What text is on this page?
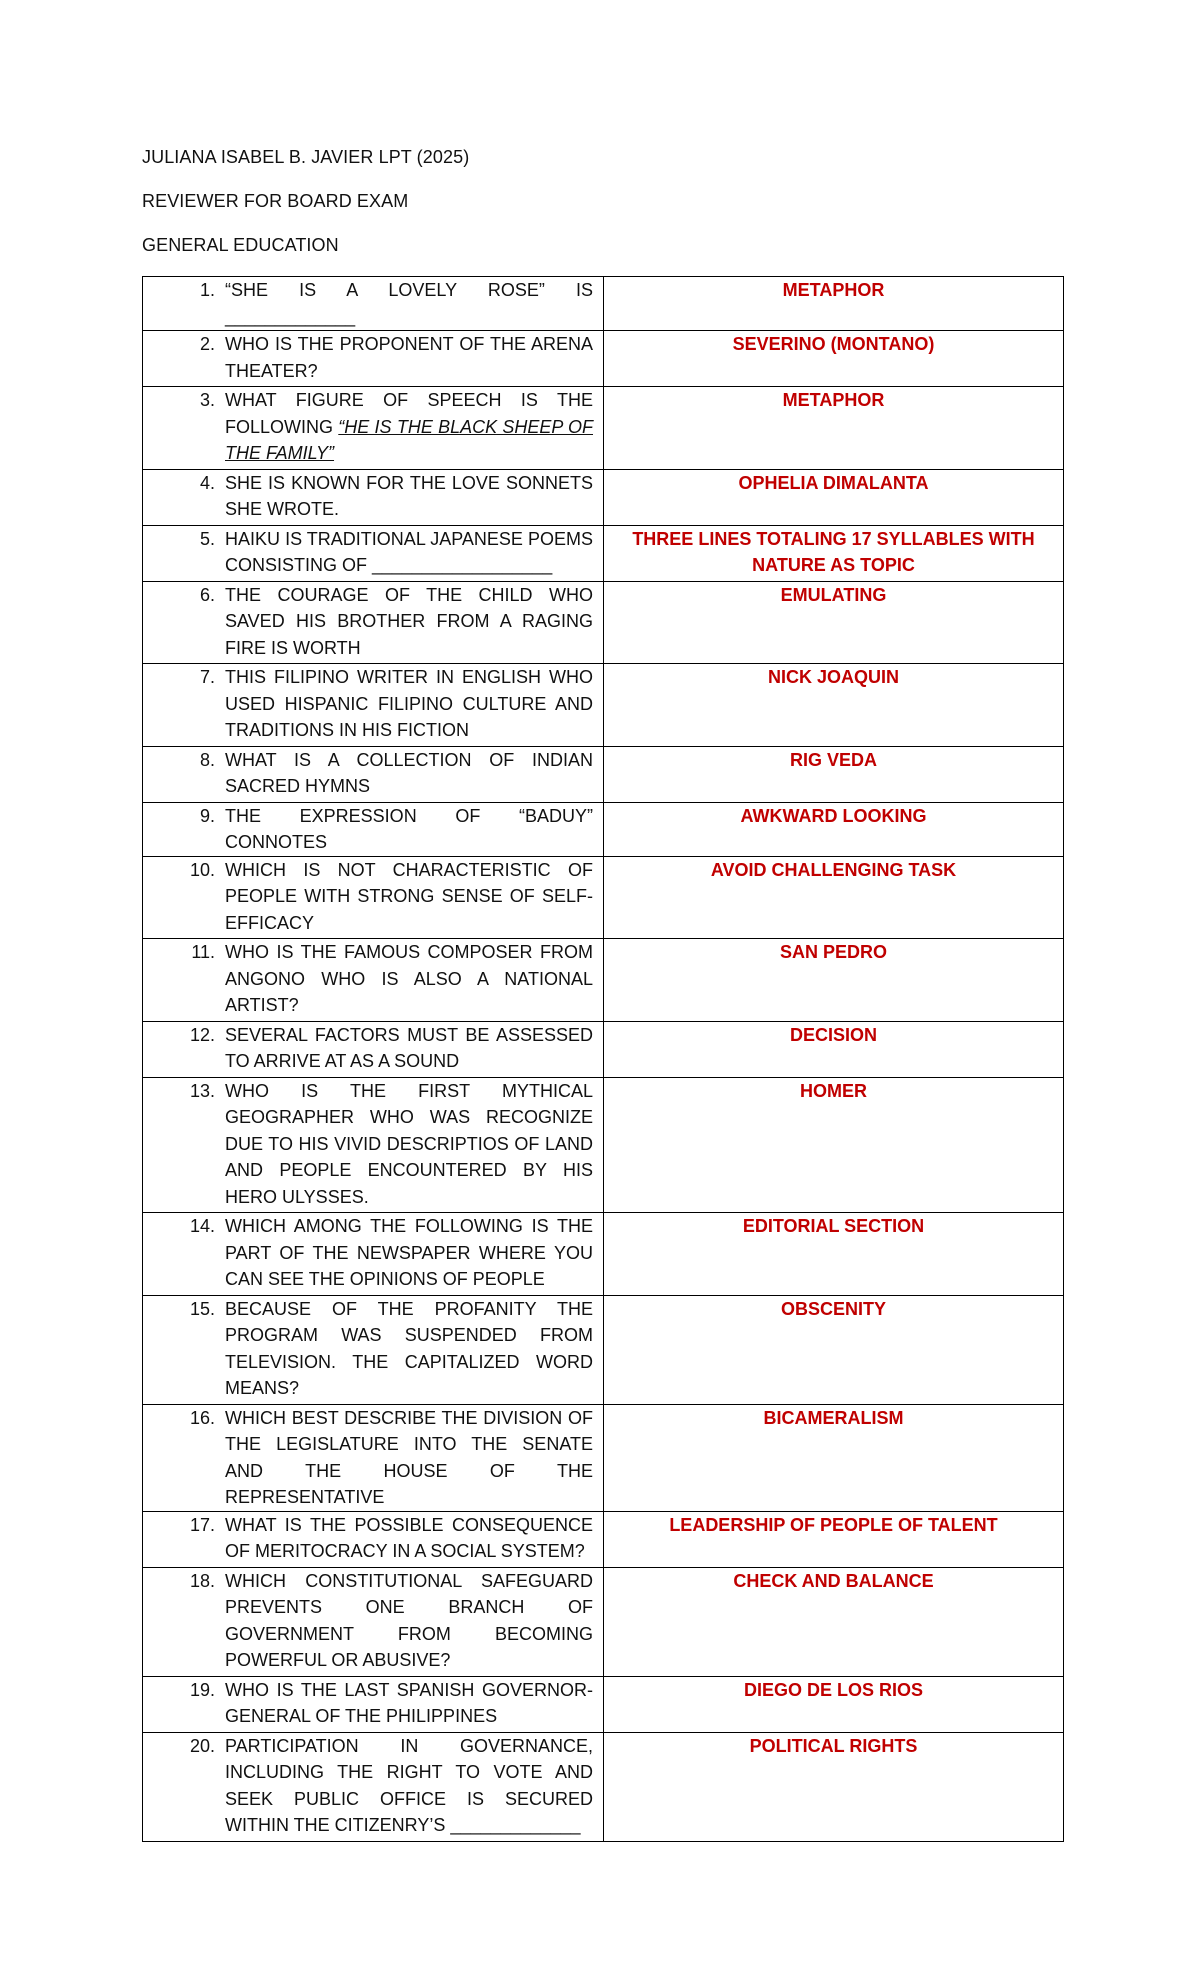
JULIANA ISABEL B. JAVIER LPT (2025)
REVIEWER FOR BOARD EXAM
GENERAL EDUCATION
1. “SHE IS A LOVELY ROSE” IS _____________	METAPHOR

2. WHO IS THE PROPONENT OF THE ARENA THEATER?	SEVERINO (MONTANO)

3. WHAT FIGURE OF SPEECH IS THE FOLLOWING “HE IS THE BLACK SHEEP OF THE FAMILY”	METAPHOR

4. SHE IS KNOWN FOR THE LOVE SONNETS SHE WROTE.	OPHELIA DIMALANTA

5. HAIKU IS TRADITIONAL JAPANESE POEMS CONSISTING OF __________________	THREE LINES TOTALING 17 SYLLABLES WITH NATURE AS TOPIC

6. THE COURAGE OF THE CHILD WHO SAVED HIS BROTHER FROM A RAGING FIRE IS WORTH	EMULATING

7. THIS FILIPINO WRITER IN ENGLISH WHO USED HISPANIC FILIPINO CULTURE AND TRADITIONS IN HIS FICTION	NICK JOAQUIN

8. WHAT IS A COLLECTION OF INDIAN SACRED HYMNS	RIG VEDA

9. THE EXPRESSION OF “BADUY” CONNOTES	AWKWARD LOOKING

10. WHICH IS NOT CHARACTERISTIC OF PEOPLE WITH STRONG SENSE OF SELF-EFFICACY	AVOID CHALLENGING TASK

11. WHO IS THE FAMOUS COMPOSER FROM ANGONO WHO IS ALSO A NATIONAL ARTIST?	SAN PEDRO

12. SEVERAL FACTORS MUST BE ASSESSED TO ARRIVE AT AS A SOUND	DECISION

13. WHO IS THE FIRST MYTHICAL GEOGRAPHER WHO WAS RECOGNIZE DUE TO HIS VIVID DESCRIPTIOS OF LAND AND PEOPLE ENCOUNTERED BY HIS HERO ULYSSES.	HOMER

14. WHICH AMONG THE FOLLOWING IS THE PART OF THE NEWSPAPER WHERE YOU CAN SEE THE OPINIONS OF PEOPLE	EDITORIAL SECTION

15. BECAUSE OF THE PROFANITY THE PROGRAM WAS SUSPENDED FROM TELEVISION. THE CAPITALIZED WORD MEANS?	OBSCENITY

16. WHICH BEST DESCRIBE THE DIVISION OF THE LEGISLATURE INTO THE SENATE AND THE HOUSE OF THE REPRESENTATIVE	BICAMERALISM

17. WHAT IS THE POSSIBLE CONSEQUENCE OF MERITOCRACY IN A SOCIAL SYSTEM?	LEADERSHIP OF PEOPLE OF TALENT

18. WHICH CONSTITUTIONAL SAFEGUARD PREVENTS ONE BRANCH OF GOVERNMENT FROM BECOMING POWERFUL OR ABUSIVE?	CHECK AND BALANCE

19. WHO IS THE LAST SPANISH GOVERNOR-GENERAL OF THE PHILIPPINES	DIEGO DE LOS RIOS

20. PARTICIPATION IN GOVERNANCE, INCLUDING THE RIGHT TO VOTE AND SEEK PUBLIC OFFICE IS SECURED WITHIN THE CITIZENRY’S _____________	POLITICAL RIGHTS
